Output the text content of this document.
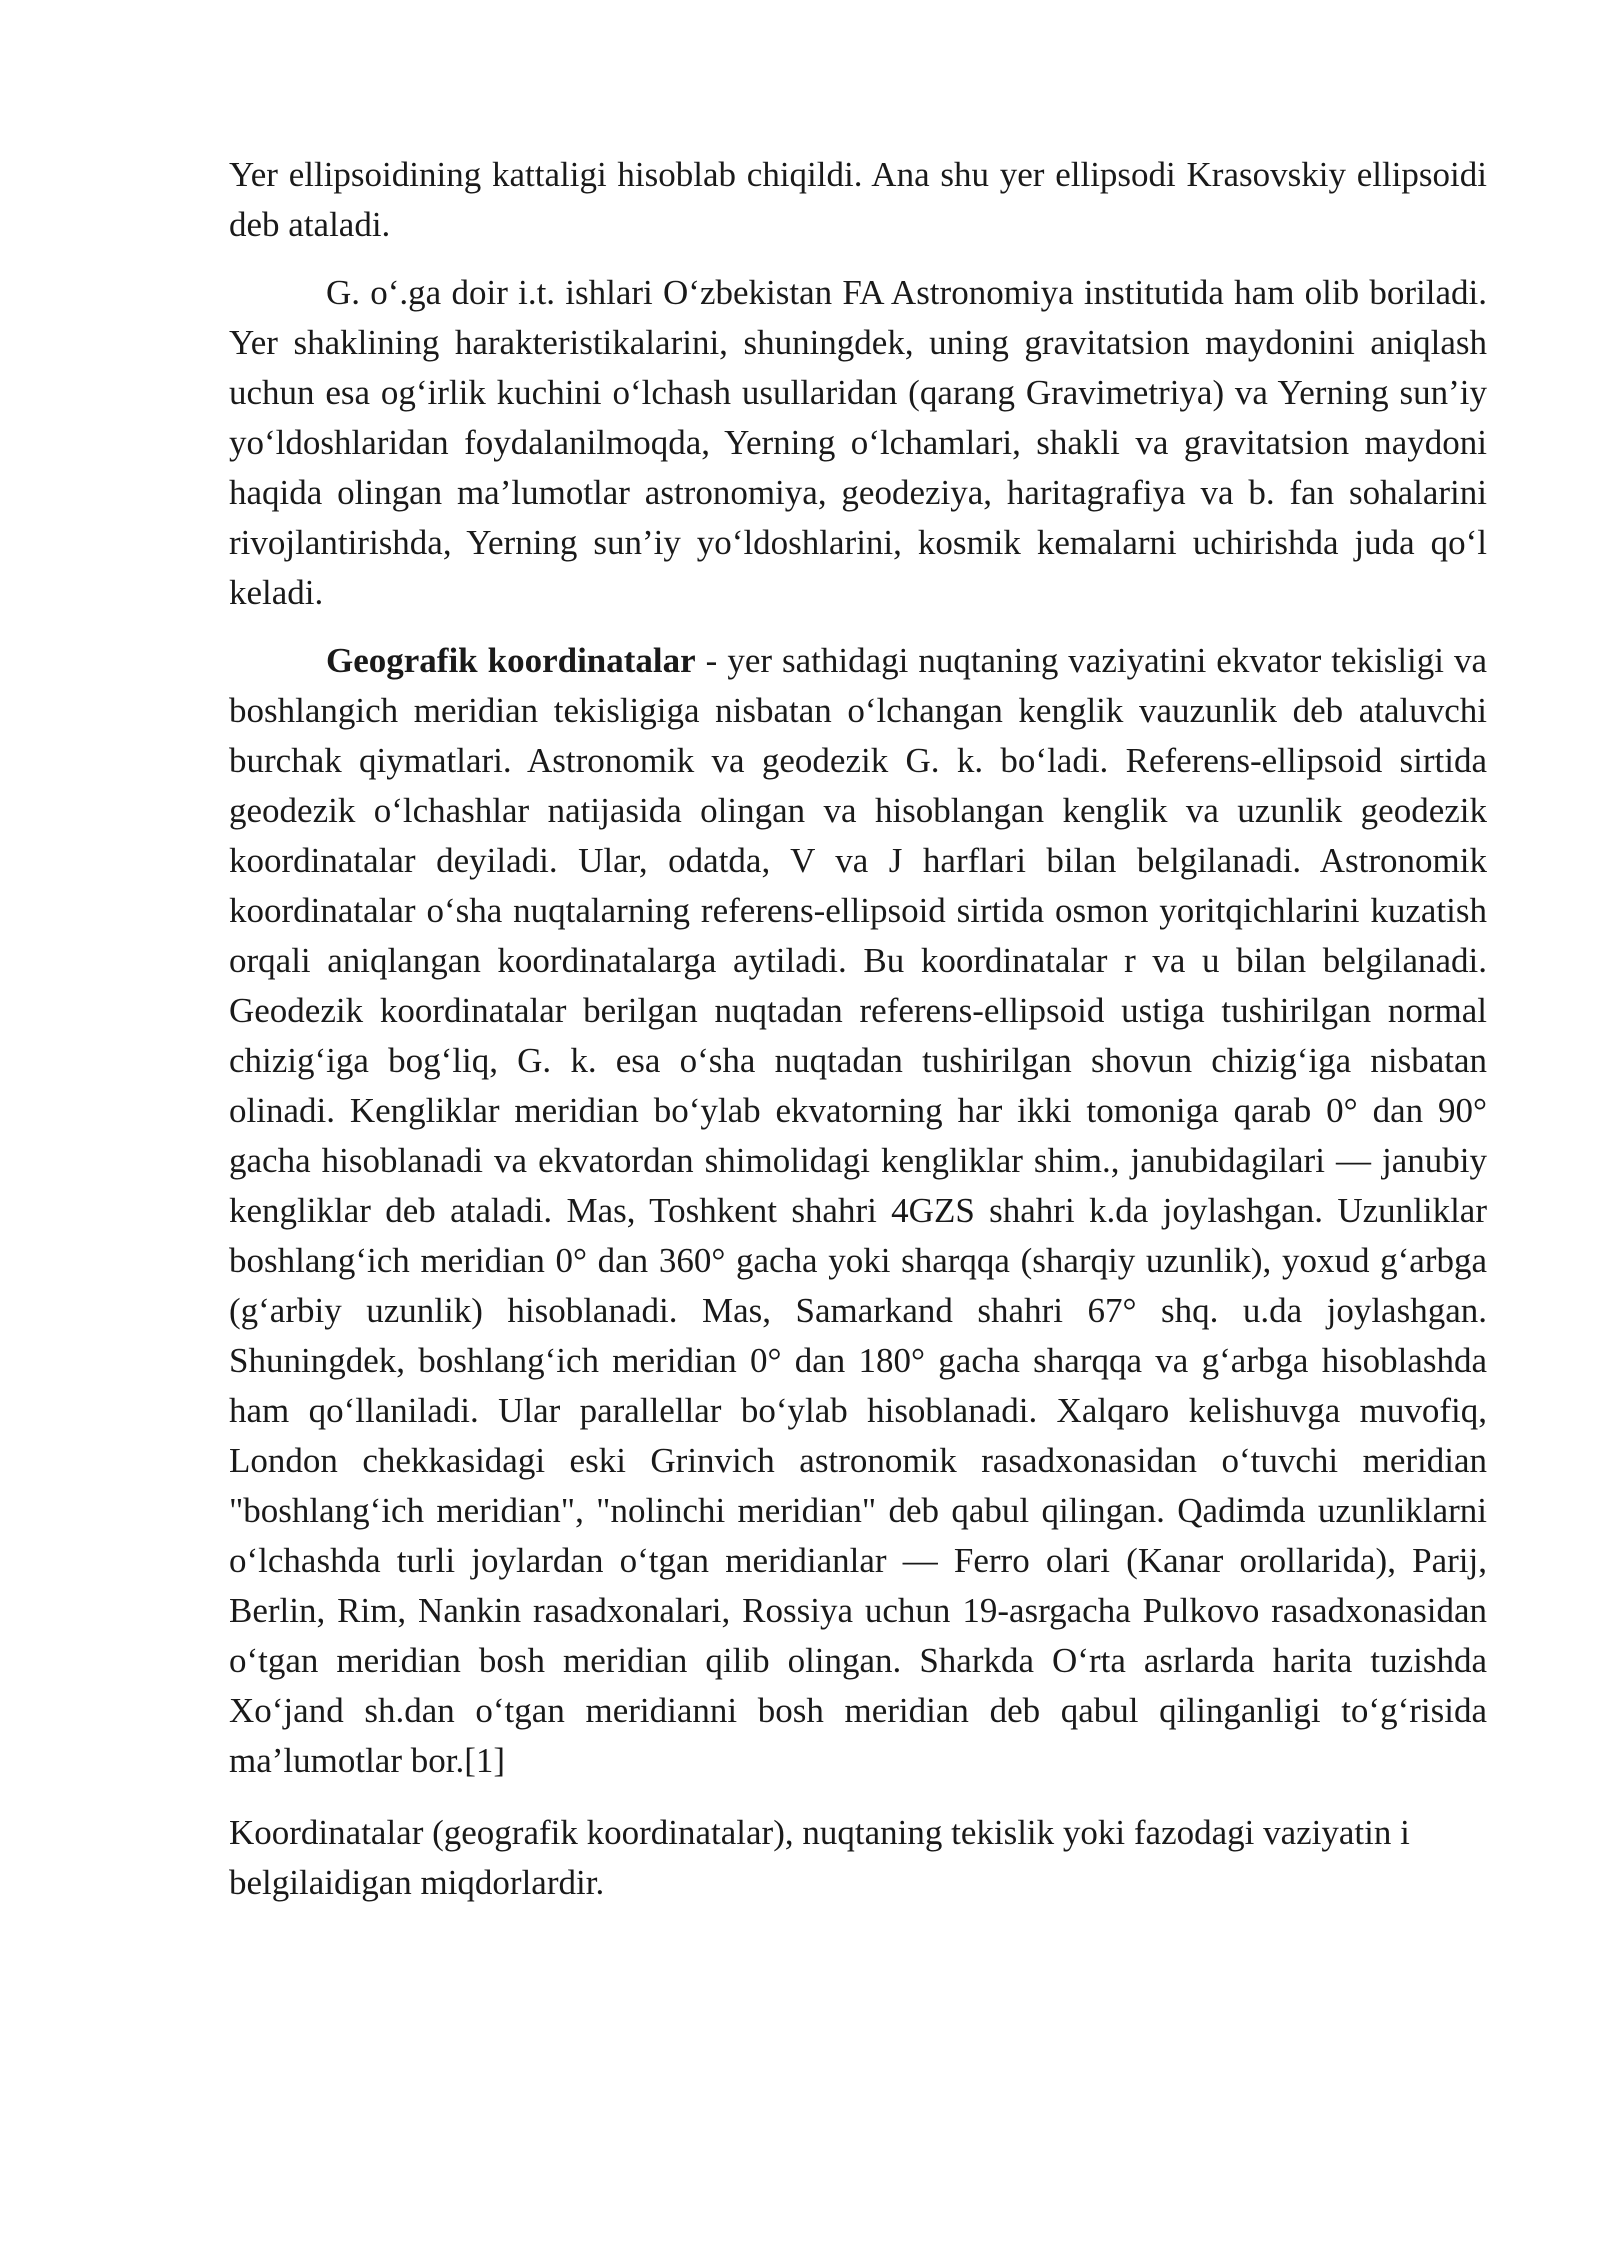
Yer ellipsoidining kattaligi hisoblab chiqildi. Ana shu yer ellipsodi Krasovskiy ellipsoidi deb ataladi.

G. o‘.ga doir i.t. ishlari O‘zbekistan FA Astronomiya institutida ham olib boriladi. Yer shaklining harakteristikalarini, shuningdek, uning gravitatsion maydonini aniqlash uchun esa og‘irlik kuchini o‘lchash usullaridan (qarang Gravimetriya) va Yerning sun’iy yo‘ldoshlaridan foydalanilmoqda, Yerning o‘lchamlari, shakli va gravitatsion maydoni haqida olingan ma’lumotlar astronomiya, geodeziya, haritagrafiya va b. fan sohalarini rivojlantirishda, Yerning sun’iy yo‘ldoshlarini, kosmik kemalarni uchirishda juda qo‘l keladi.

Geografik koordinatalar - yer sathidagi nuqtaning vaziyatini ekvator tekisligi va boshlangich meridian tekisligiga nisbatan o‘lchangan kenglik vauzunlik deb ataluvchi burchak qiymatlari. Astronomik va geodezik G. k. bo‘ladi. Referens-ellipsoid sirtida geodezik o‘lchashlar natijasida olingan va hisoblangan kenglik va uzunlik geodezik koordinatalar deyiladi. Ular, odatda, V va J harflari bilan belgilanadi. Astronomik koordinatalar o‘sha nuqtalarning referens-ellipsoid sirtida osmon yoritqichlarini kuzatish orqali aniqlangan koordinatalarga aytiladi. Bu koordinatalar r va u bilan belgilanadi. Geodezik koordinatalar berilgan nuqtadan referens-ellipsoid ustiga tushirilgan normal chizig‘iga bog‘liq, G. k. esa o‘sha nuqtadan tushirilgan shovun chizig‘iga nisbatan olinadi. Kengliklar meridian bo‘ylab ekvatorning har ikki tomoniga qarab 0° dan 90° gacha hisoblanadi va ekvatordan shimolidagi kengliklar shim., janubidagilari — janubiy kengliklar deb ataladi. Mas, Toshkent shahri 4GZS shahri k.da joylashgan. Uzunliklar boshlang‘ich meridian 0° dan 360° gacha yoki sharqqa (sharqiy uzunlik), yoxud g‘arbga (g‘arbiy uzunlik) hisoblanadi. Mas, Samarkand shahri 67° shq. u.da joylashgan. Shuningdek, boshlang‘ich meridian 0° dan 180° gacha sharqqa va g‘arbga hisoblashda ham qo‘llaniladi. Ular parallellar bo‘ylab hisoblanadi. Xalqaro kelishuvga muvofiq, London chekkasidagi eski Grinvich astronomik rasadxonasidan o‘tuvchi meridian "boshlang‘ich meridian", "nolinchi meridian" deb qabul qilingan. Qadimda uzunliklarni o‘lchashda turli joylardan o‘tgan meridianlar — Ferro olari (Kanar orollarida), Parij, Berlin, Rim, Nankin rasadxonalari, Rossiya uchun 19-asrgacha Pulkovo rasadxonasidan o‘tgan meridian bosh meridian qilib olingan. Sharkda O‘rta asrlarda harita tuzishda Xo‘jand sh.dan o‘tgan meridianni bosh meridian deb qabul qilinganligi to‘g‘risida ma’lumotlar bor.[1]

Koordinatalar (geografik koordinatalar), nuqtaning tekislik yoki fazodagi vaziyatin i belgilaidigan miqdorlardir.
